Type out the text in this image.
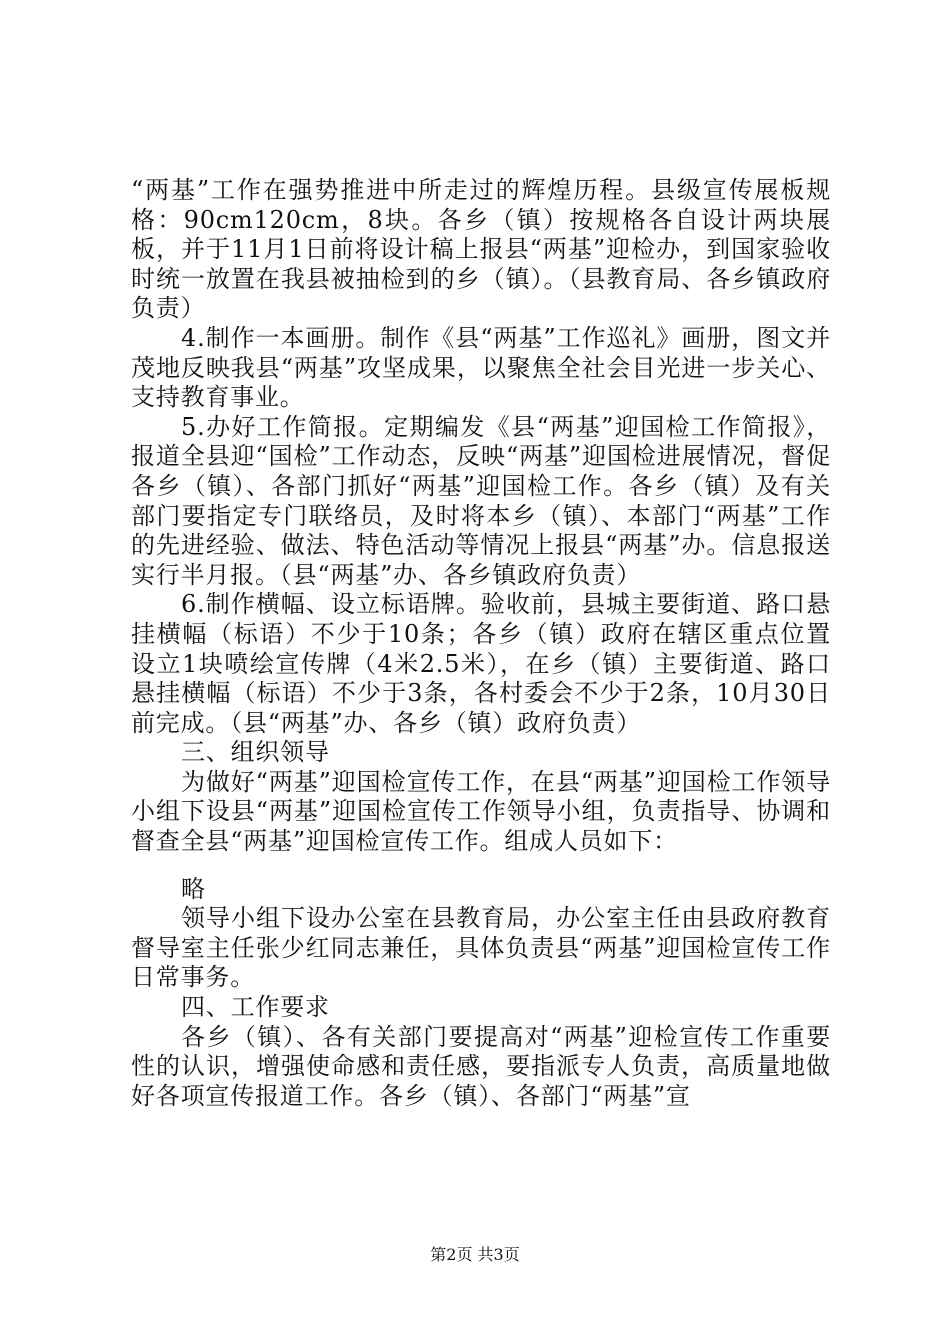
“两基”工作在强势推进中所走过的辉煌历程。县级宣传展板规格：90cm120cm，8块。各乡（镇）按规格各自设计两块展板，并于11月1日前将设计稿上报县“两基”迎检办，到国家验收时统一放置在我县被抽检到的乡（镇）。（县教育局、各乡镇政府负责）

4.制作一本画册。制作《县“两基”工作巡礼》画册，图文并茂地反映我县“两基”攻坚成果，以聚焦全社会目光进一步关心、支持教育事业。

5.办好工作简报。定期编发《县“两基”迎国检工作简报》，报道全县迎“国检”工作动态，反映“两基”迎国检进展情况，督促各乡（镇）、各部门抓好“两基”迎国检工作。各乡（镇）及有关部门要指定专门联络员，及时将本乡（镇）、本部门“两基”工作的先进经验、做法、特色活动等情况上报县“两基”办。信息报送实行半月报。（县“两基”办、各乡镇政府负责）

6.制作横幅、设立标语牌。验收前，县城主要街道、路口悬挂横幅（标语）不少于10条；各乡（镇）政府在辖区重点位置设立1块喷绘宣传牌（4米2.5米），在乡（镇）主要街道、路口悬挂横幅（标语）不少于3条，各村委会不少于2条，10月30日前完成。（县“两基”办、各乡（镇）政府负责）

三、组织领导

为做好“两基”迎国检宣传工作，在县“两基”迎国检工作领导小组下设县“两基”迎国检宣传工作领导小组，负责指导、协调和督查全县“两基”迎国检宣传工作。组成人员如下：

略

领导小组下设办公室在县教育局，办公室主任由县政府教育督导室主任张少红同志兼任，具体负责县“两基”迎国检宣传工作日常事务。

四、工作要求

各乡（镇）、各有关部门要提高对“两基”迎检宣传工作重要性的认识，增强使命感和责任感，要指派专人负责，高质量地做好各项宣传报道工作。各乡（镇）、各部门“两基”宣

第2页 共3页
